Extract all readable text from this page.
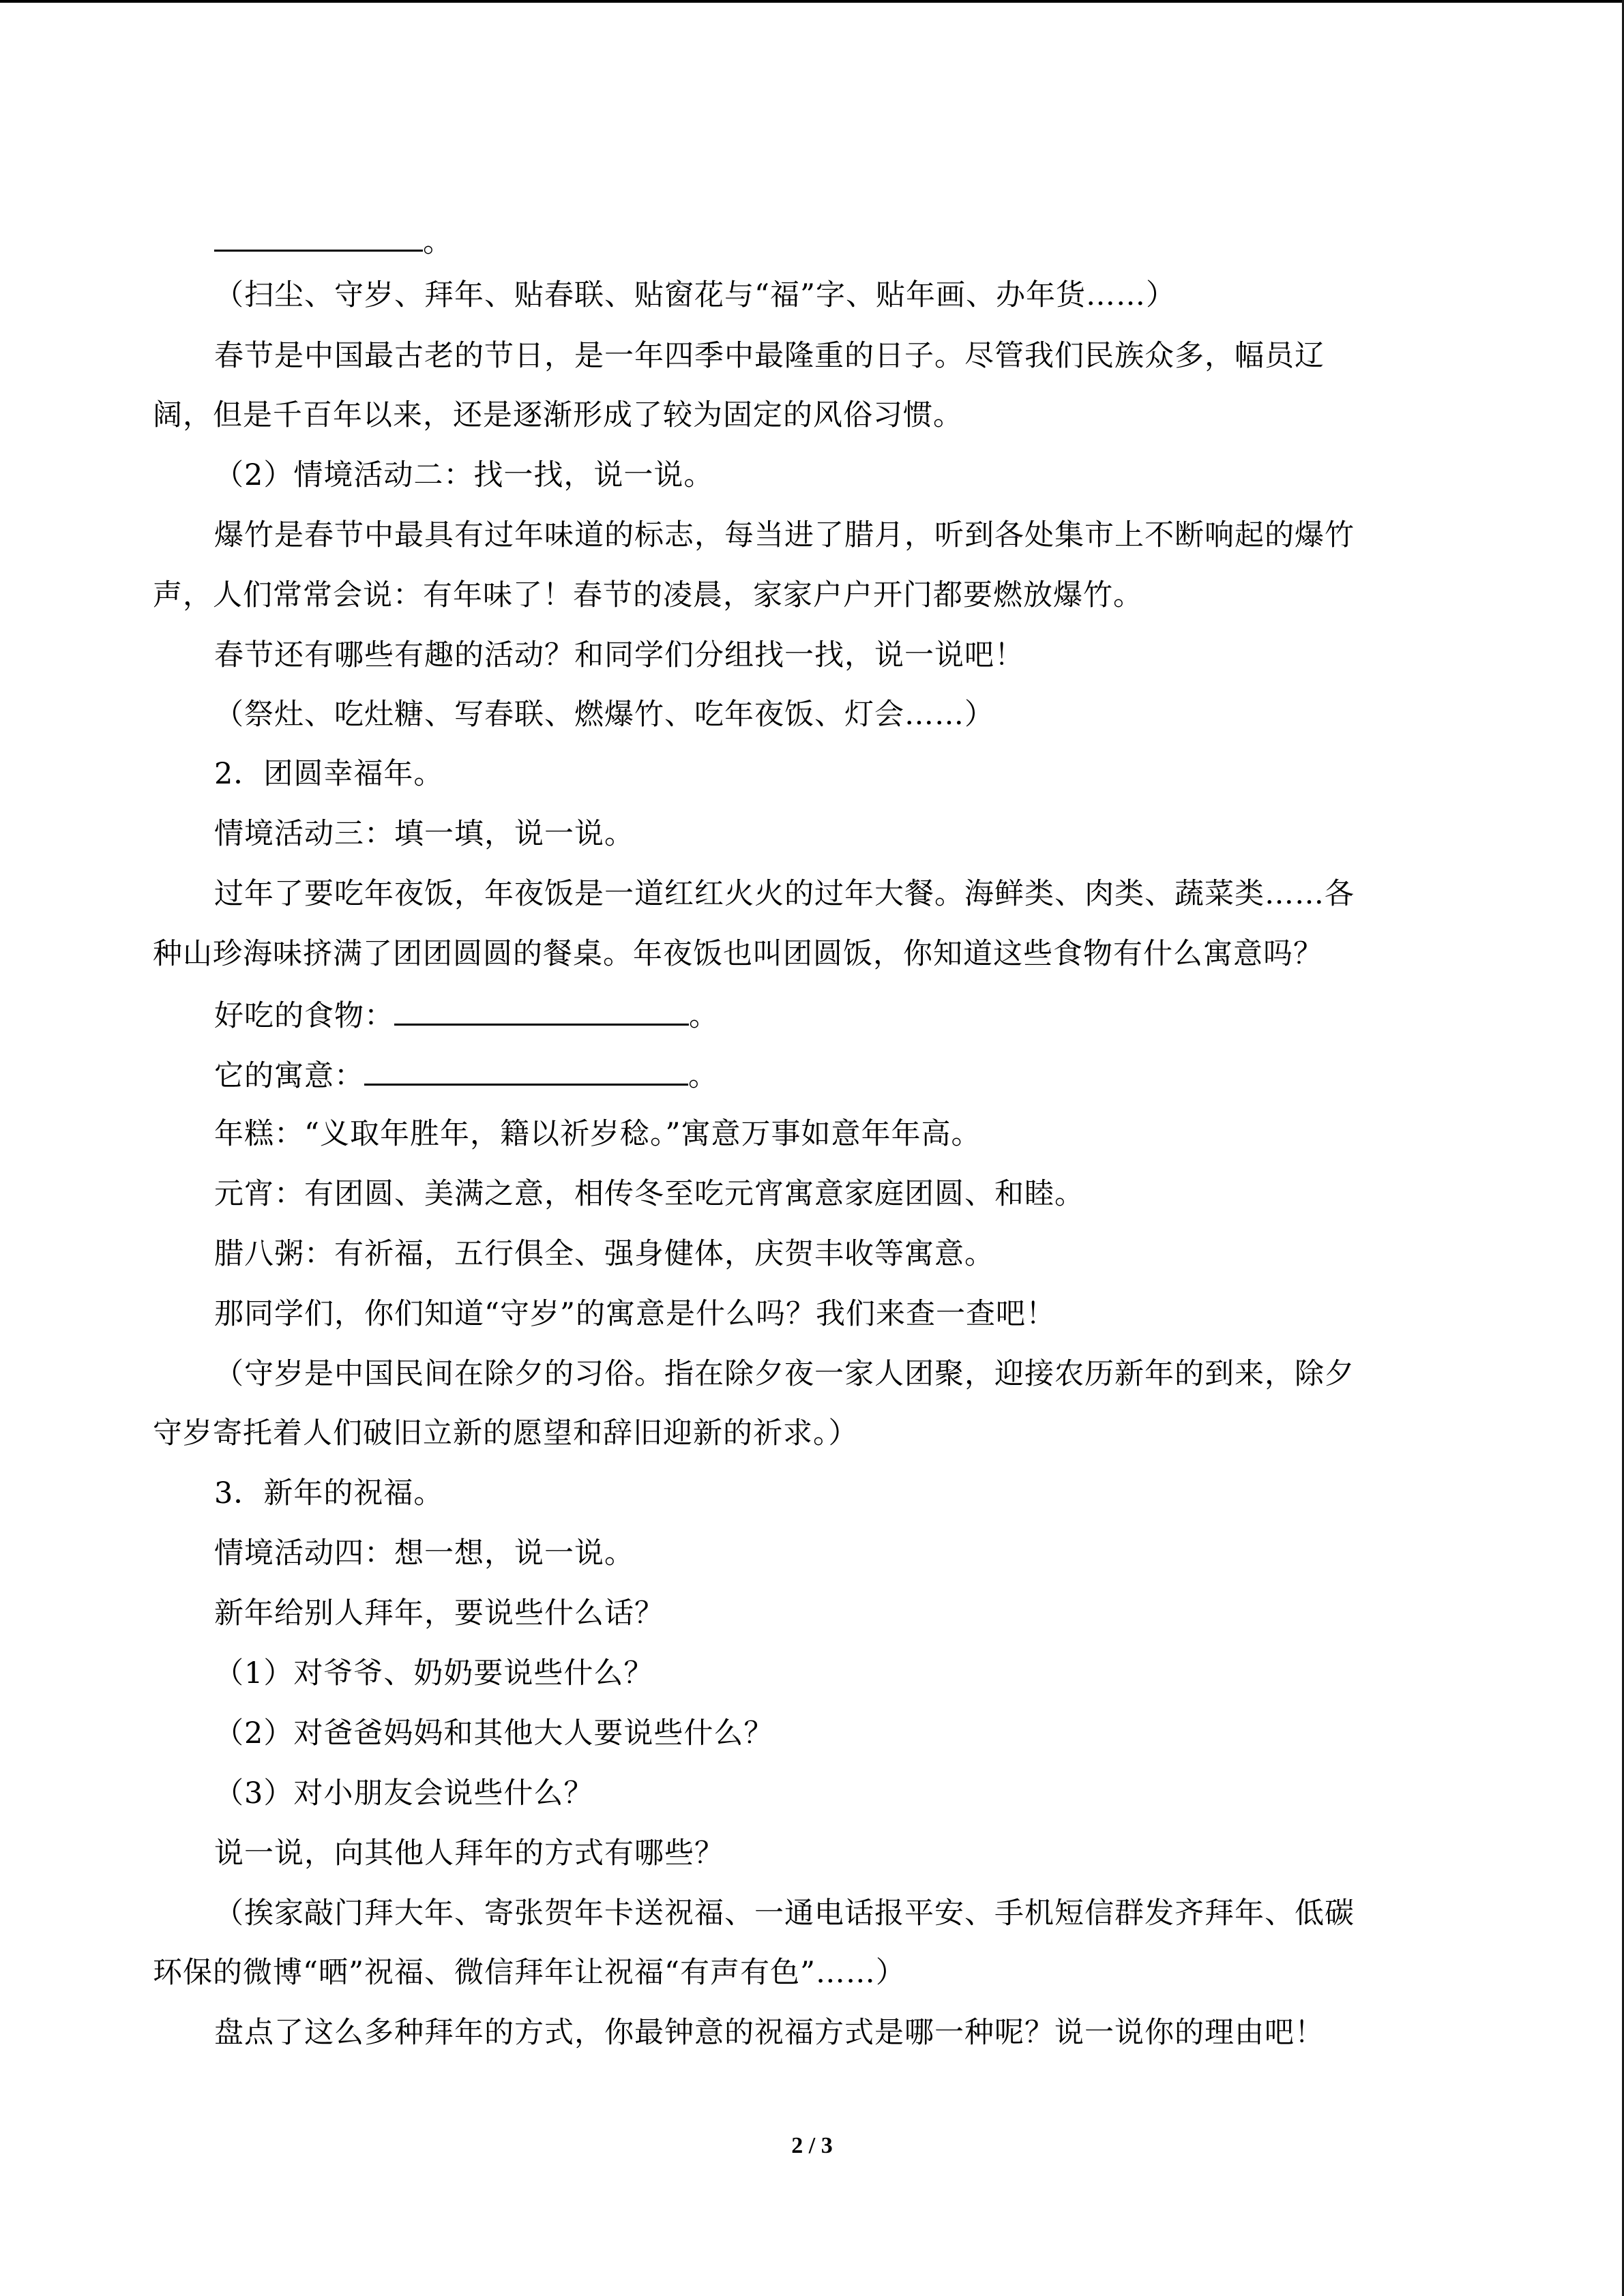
。
（扫尘、守岁、拜年、贴春联、贴窗花与“福”字、贴年画、办年货……）
春节是中国最古老的节日，是一年四季中最隆重的日子。尽管我们民族众多，幅员辽
阔，但是千百年以来，还是逐渐形成了较为固定的风俗习惯。
（2）情境活动二：找一找，说一说。
爆竹是春节中最具有过年味道的标志，每当进了腊月，听到各处集市上不断响起的爆竹
声，人们常常会说：有年味了！春节的凌晨，家家户户开门都要燃放爆竹。
春节还有哪些有趣的活动？和同学们分组找一找，说一说吧！
（祭灶、吃灶糖、写春联、燃爆竹、吃年夜饭、灯会……）
2．团圆幸福年。
情境活动三：填一填，说一说。
过年了要吃年夜饭，年夜饭是一道红红火火的过年大餐。海鲜类、肉类、蔬菜类……各
种山珍海味挤满了团团圆圆的餐桌。年夜饭也叫团圆饭，你知道这些食物有什么寓意吗？
好吃的食物：	。
它的寓意：	。
年糕：“义取年胜年，籍以祈岁稔。”寓意万事如意年年高。
元宵：有团圆、美满之意，相传冬至吃元宵寓意家庭团圆、和睦。
腊八粥：有祈福，五行俱全、强身健体，庆贺丰收等寓意。
那同学们，你们知道“守岁”的寓意是什么吗？我们来查一查吧！
（守岁是中国民间在除夕的习俗。指在除夕夜一家人团聚，迎接农历新年的到来，除夕
守岁寄托着人们破旧立新的愿望和辞旧迎新的祈求。）
3．新年的祝福。
情境活动四：想一想，说一说。
新年给别人拜年，要说些什么话？
（1）对爷爷、奶奶要说些什么？
（2）对爸爸妈妈和其他大人要说些什么？
（3）对小朋友会说些什么？
说一说，向其他人拜年的方式有哪些？
（挨家敲门拜大年、寄张贺年卡送祝福、一通电话报平安、手机短信群发齐拜年、低碳
环保的微博“晒”祝福、微信拜年让祝福“有声有色”……）
盘点了这么多种拜年的方式，你最钟意的祝福方式是哪一种呢？说一说你的理由吧！
2 / 3
